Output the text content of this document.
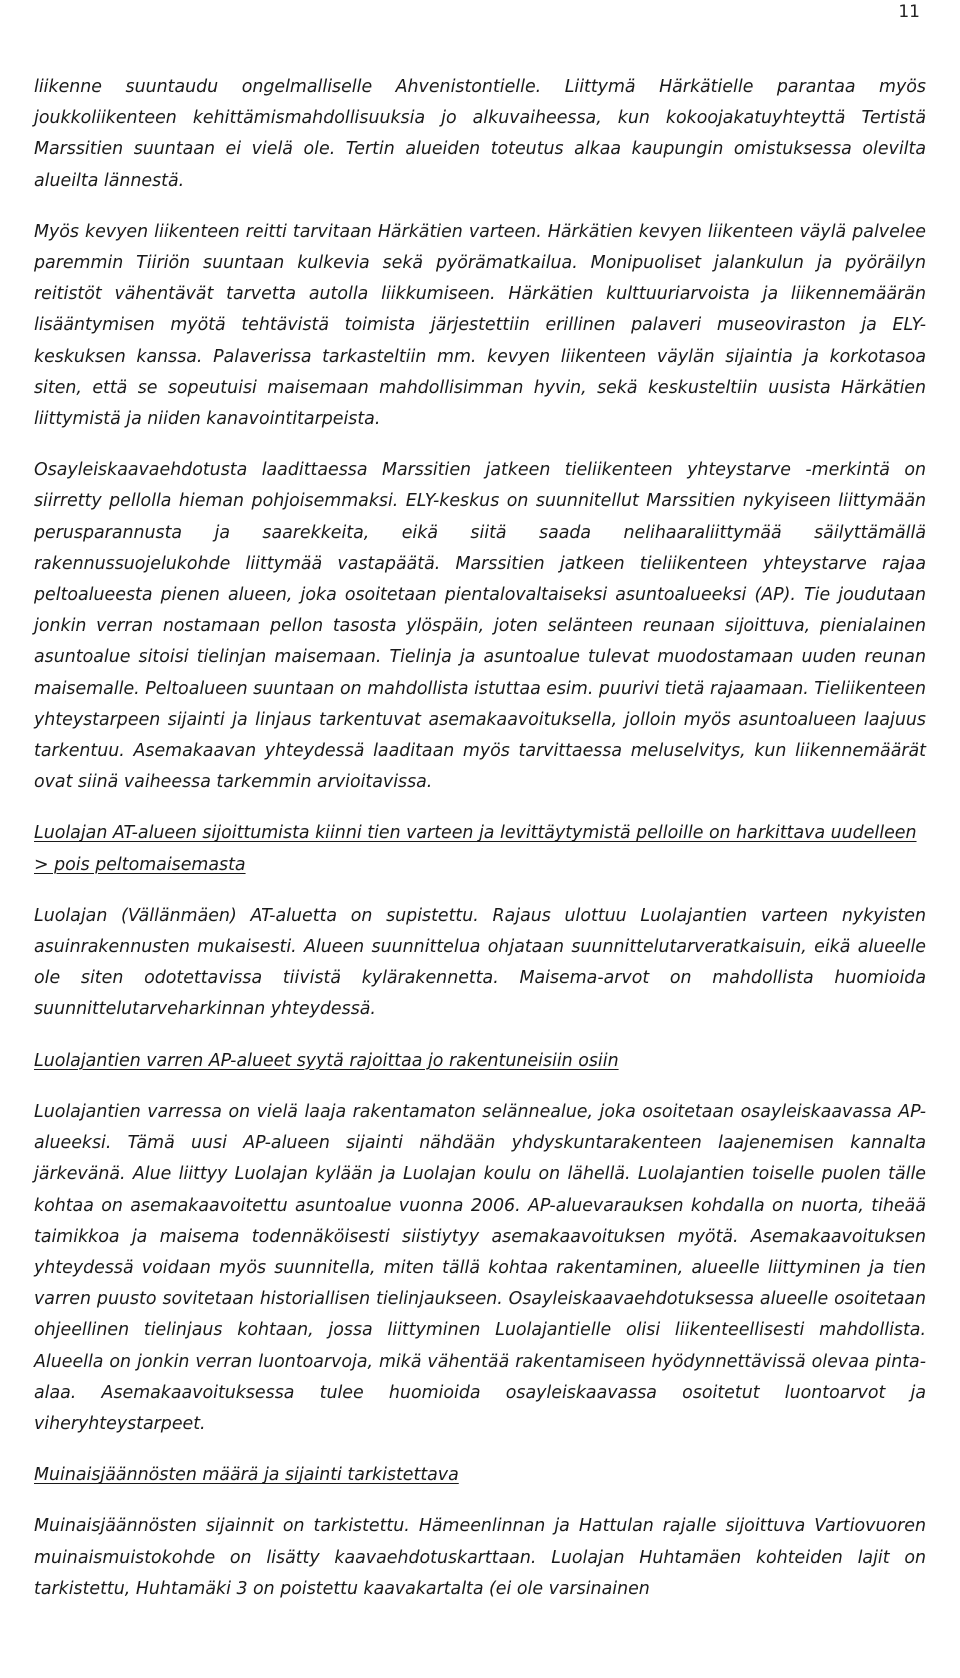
11

liikenne suuntaudu ongelmalliselle Ahvenistontielle. Liittymä Härkätielle parantaa myös joukkoliikenteen kehittämismahdollisuuksia jo alkuvaiheessa, kun kokoojakatuyhteyttä Tertistä Marssitien suuntaan ei vielä ole. Tertin alueiden toteutus alkaa kaupungin omistuksessa olevilta alueilta lännestä.

Myös kevyen liikenteen reitti tarvitaan Härkätien varteen. Härkätien kevyen liikenteen väylä palvelee paremmin Tiiriön suuntaan kulkevia sekä pyörämatkailua. Monipuoliset jalankulun ja pyöräilyn reitistöt vähentävät tarvetta autolla liikkumiseen. Härkätien kulttuuriarvoista ja liikennemäärän lisääntymisen myötä tehtävistä toimista järjestettiin erillinen palaveri museoviraston ja ELY-keskuksen kanssa. Palaverissa tarkasteltiin mm. kevyen liikenteen väylän sijaintia ja korkotasoa siten, että se sopeutuisi maisemaan mahdollisimman hyvin, sekä keskusteltiin uusista Härkätien liittymistä ja niiden kanavointitarpeista.

Osayleiskaavaehdotusta laadittaessa Marssitien jatkeen tieliikenteen yhteystarve -merkintä on siirretty pellolla hieman pohjoisemmaksi. ELY-keskus on suunnitellut Marssitien nykyiseen liittymään perusparannusta ja saarekkeita, eikä siitä saada nelihaaraliittymää säilyttämällä rakennussuojelukohde liittymää vastapäätä. Marssitien jatkeen tieliikenteen yhteystarve rajaa peltoalueesta pienen alueen, joka osoitetaan pientalovaltaiseksi asuntoalueeksi (AP). Tie joudutaan jonkin verran nostamaan pellon tasosta ylöspäin, joten selänteen reunaan sijoittuva, pienialainen asuntoalue sitoisi tielinjan maisemaan. Tielinja ja asuntoalue tulevat muodostamaan uuden reunan maisemalle. Peltoalueen suuntaan on mahdollista istuttaa esim. puurivi tietä rajaamaan. Tieliikenteen yhteystarpeen sijainti ja linjaus tarkentuvat asemakaavoituksella, jolloin myös asuntoalueen laajuus tarkentuu. Asemakaavan yhteydessä laaditaan myös tarvittaessa meluselvitys, kun liikennemäärät ovat siinä vaiheessa tarkemmin arvioitavissa.

Luolajan AT-alueen sijoittumista kiinni tien varteen ja levittäytymistä pelloille on harkittava uudelleen > pois peltomaisemasta

Luolajan (Vällänmäen) AT-aluetta on supistettu. Rajaus ulottuu Luolajantien varteen nykyisten asuinrakennusten mukaisesti. Alueen suunnittelua ohjataan suunnittelutarveratkaisuin, eikä alueelle ole siten odotettavissa tiivistä kylärakennetta. Maisema-arvot on mahdollista huomioida suunnittelutarveharkinnan yhteydessä.

Luolajantien varren AP-alueet syytä rajoittaa jo rakentuneisiin osiin

Luolajantien varressa on vielä laaja rakentamaton selännealue, joka osoitetaan osayleiskaavassa AP-alueeksi. Tämä uusi AP-alueen sijainti nähdään yhdyskuntarakenteen laajenemisen kannalta järkevänä. Alue liittyy Luolajan kylään ja Luolajan koulu on lähellä. Luolajantien toiselle puolen tälle kohtaa on asemakaavoitettu asuntoalue vuonna 2006. AP-aluevarauksen kohdalla on nuorta, tiheää taimikkoa ja maisema todennäköisesti siistiytyy asemakaavoituksen myötä. Asemakaavoituksen yhteydessä voidaan myös suunnitella, miten tällä kohtaa rakentaminen, alueelle liittyminen ja tien varren puusto sovitetaan historiallisen tielinjaukseen. Osayleiskaavaehdotuksessa alueelle osoitetaan ohjeellinen tielinjaus kohtaan, jossa liittyminen Luolajantielle olisi liikenteellisesti mahdollista. Alueella on jonkin verran luontoarvoja, mikä vähentää rakentamiseen hyödynnettävissä olevaa pinta-alaa. Asemakaavoituksessa tulee huomioida osayleiskaavassa osoitetut luontoarvot ja viheryhteystarpeet.

Muinaisjäännösten määrä ja sijainti tarkistettava

Muinaisjäännösten sijainnit on tarkistettu. Hämeenlinnan ja Hattulan rajalle sijoittuva Vartiovuoren muinaismuistokohde on lisätty kaavaehdotuskarttaan. Luolajan Huhtamäen kohteiden lajit on tarkistettu, Huhtamäki 3 on poistettu kaavakartalta (ei ole varsinainen
